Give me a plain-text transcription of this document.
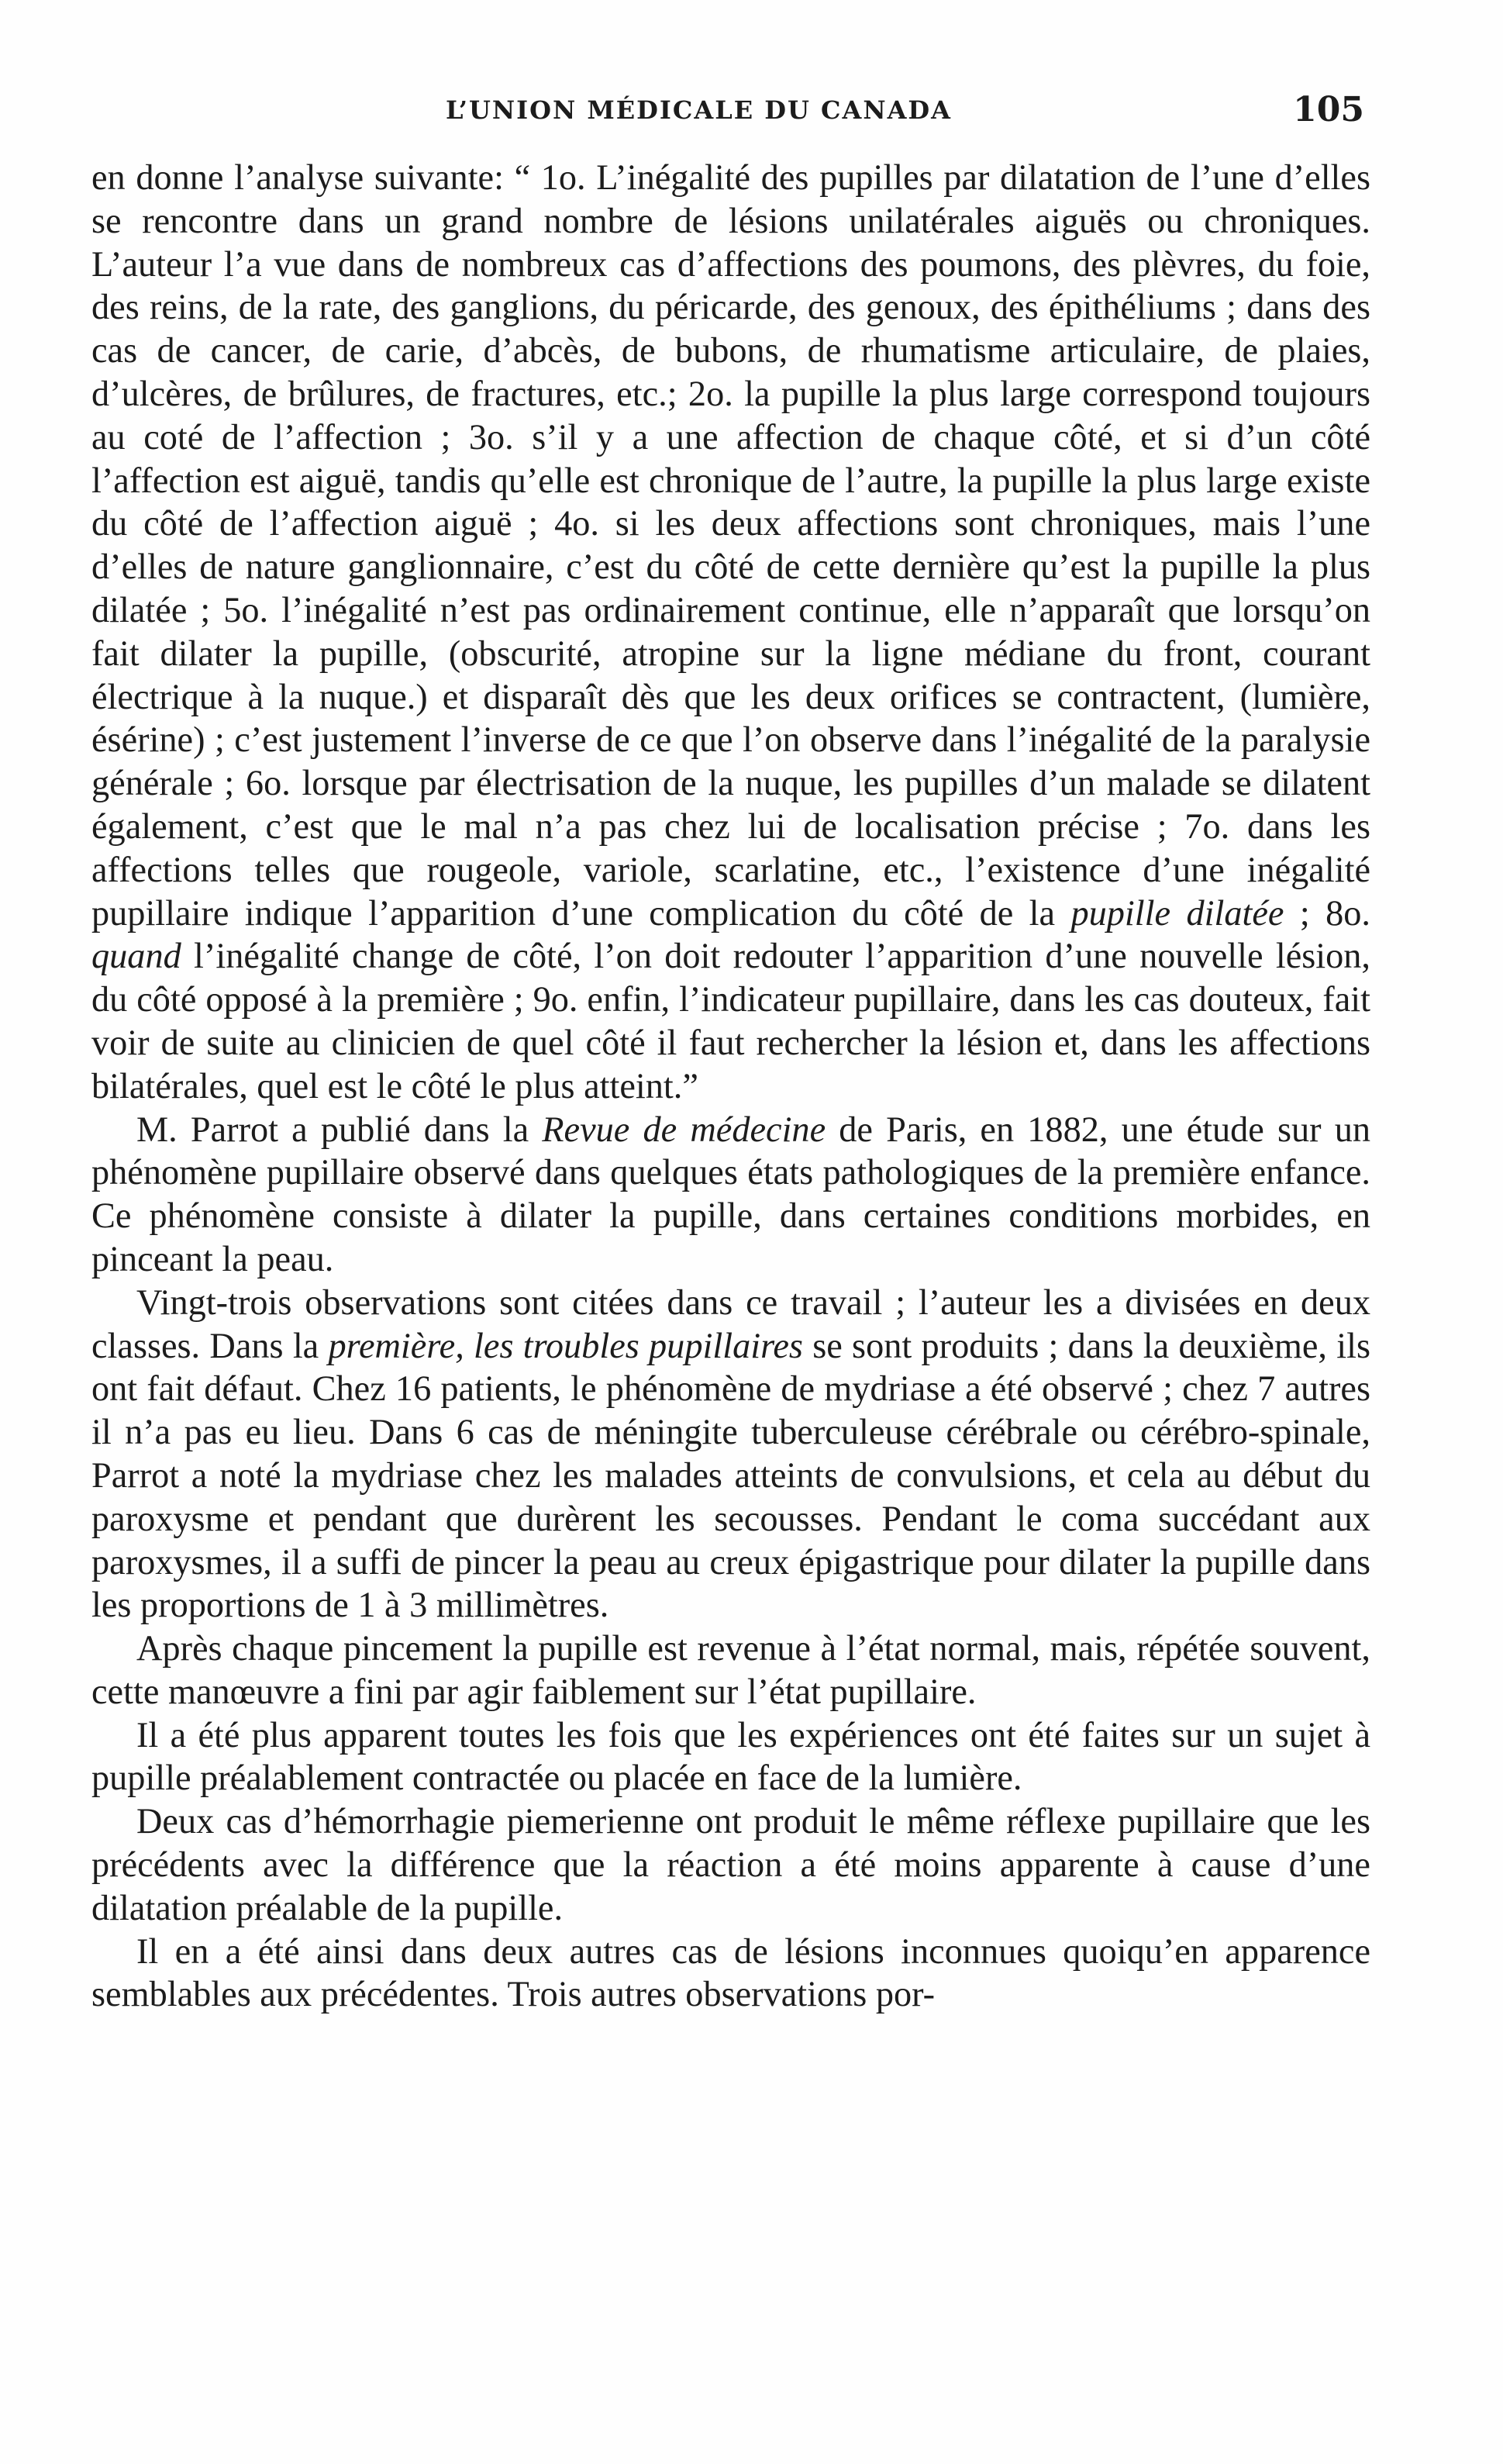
L’UNION MÉDICALE DU CANADA	105

en donne l’analyse suivante: “ 1o. L’inégalité des pupilles par dilatation de l’une d’elles se rencontre dans un grand nombre de lésions unilatérales aiguës ou chroniques. L’auteur l’a vue dans de nombreux cas d’affections des poumons, des plèvres, du foie, des reins, de la rate, des ganglions, du péricarde, des genoux, des épithéliums ; dans des cas de cancer, de carie, d’abcès, de bubons, de rhumatisme articulaire, de plaies, d’ulcères, de brûlures, de fractures, etc.; 2o. la pupille la plus large correspond toujours au coté de l’affection ; 3o. s’il y a une affection de chaque côté, et si d’un côté l’affection est aiguë, tandis qu’elle est chronique de l’autre, la pupille la plus large existe du côté de l’affection aiguë ; 4o. si les deux affections sont chroniques, mais l’une d’elles de nature ganglionnaire, c’est du côté de cette dernière qu’est la pupille la plus dilatée ; 5o. l’inégalité n’est pas ordinairement continue, elle n’apparaît que lorsqu’on fait dilater la pupille, (obscurité, atropine sur la ligne médiane du front, courant électrique à la nuque.) et disparaît dès que les deux orifices se contractent, (lumière, ésérine) ; c’est justement l’inverse de ce que l’on observe dans l’inégalité de la paralysie générale ; 6o. lorsque par électrisation de la nuque, les pupilles d’un malade se dilatent également, c’est que le mal n’a pas chez lui de localisation précise ; 7o. dans les affections telles que rougeole, variole, scarlatine, etc., l’existence d’une inégalité pupillaire indique l’apparition d’une complication du côté de la pupille dilatée ; 8o. quand l’inégalité change de côté, l’on doit redouter l’apparition d’une nouvelle lésion, du côté opposé à la première ; 9o. enfin, l’indicateur pupillaire, dans les cas douteux, fait voir de suite au clinicien de quel côté il faut rechercher la lésion et, dans les affections bilatérales, quel est le côté le plus atteint.”

M. Parrot a publié dans la Revue de médecine de Paris, en 1882, une étude sur un phénomène pupillaire observé dans quelques états pathologiques de la première enfance. Ce phénomène consiste à dilater la pupille, dans certaines conditions morbides, en pinceant la peau.

Vingt-trois observations sont citées dans ce travail ; l’auteur les a divisées en deux classes. Dans la première, les troubles pupillaires se sont produits ; dans la deuxième, ils ont fait défaut. Chez 16 patients, le phénomène de mydriase a été observé ; chez 7 autres il n’a pas eu lieu. Dans 6 cas de méningite tuberculeuse cérébrale ou cérébro-spinale, Parrot a noté la mydriase chez les malades atteints de convulsions, et cela au début du paroxysme et pendant que durèrent les secousses. Pendant le coma succédant aux paroxysmes, il a suffi de pincer la peau au creux épigastrique pour dilater la pupille dans les proportions de 1 à 3 millimètres.

Après chaque pincement la pupille est revenue à l’état normal, mais, répétée souvent, cette manœuvre a fini par agir faiblement sur l’état pupillaire.

Il a été plus apparent toutes les fois que les expériences ont été faites sur un sujet à pupille préalablement contractée ou placée en face de la lumière.

Deux cas d’hémorrhagie piemerienne ont produit le même réflexe pupillaire que les précédents avec la différence que la réaction a été moins apparente à cause d’une dilatation préalable de la pupille.

Il en a été ainsi dans deux autres cas de lésions inconnues quoiqu’en apparence semblables aux précédentes. Trois autres observations por-
